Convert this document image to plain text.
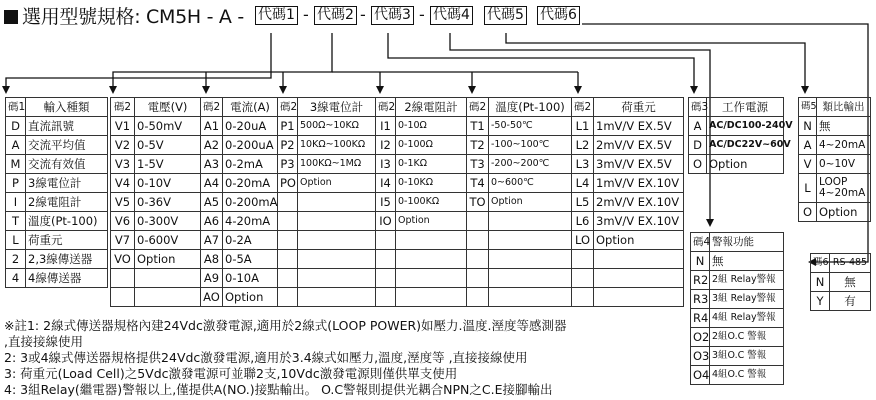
選用型號規格: CM5H - A - 代碼1 - 代碼2 - 代碼3 - 代碼4 代碼5 代碼6
碼1	輸入種類
D	直流訊號
A	交流平均值
M	交流有效值
P	3線電位計
I	2線電阻計
T	溫度(Pt-100)
L	荷重元
2	2,3線傳送器
4	4線傳送器
碼2	電壓(V)	碼2	電流(A)	碼2	3線電位計	碼2	2線電阻計	碼2	溫度(Pt-100)	碼2	荷重元
V1	0-50mV	A1	0-20uA	P1	500Ω~10KΩ	I1	0-10Ω	T1	-50-50℃	L1	1mV/V EX.5V
V2	0-5V	A2	0-200uA	P2	10KΩ~100KΩ	I2	0-100Ω	T2	-100~100℃	L2	2mV/V EX.5V
V3	1-5V	A3	0-2mA	P3	100KΩ~1MΩ	I3	0-1KΩ	T3	-200~200℃	L3	3mV/V EX.5V
V4	0-10V	A4	0-20mA	PO	Option	I4	0-10KΩ	T4	0~600℃	L4	1mV/V EX.10V
V5	0-36V	A5	0-200mA			I5	0-100KΩ	TO	Option	L5	2mV/V EX.10V
V6	0-300V	A6	4-20mA			IO	Option			L6	3mV/V EX.10V
V7	0-600V	A7	0-2A							LO	Option
VO	Option	A8	0-5A								
		A9	0-10A								
		AO	Option								
碼3	工作電源
A	AC/DC100-240V
D	AC/DC22V~60V
O	Option
碼5	類比輸出
N	無
A	4~20mA
V	0~10V
L	LOOP 4~20mA
O	Option
碼4	警報功能
N	無
R2	2組 Relay警報
R3	3組 Relay警報
R4	4組 Relay警報
O2	2組O.C 警報
O3	3組O.C 警報
O4	4組O.C 警報
碼6	RS-485
N	無
Y	有
※註1: 2線式傳送器規格內建24Vdc激發電源,適用於2線式(LOOP POWER)如壓力.溫度.溼度等感測器
,直接接線使用
2: 3或4線式傳送器規格提供24Vdc激發電源,適用於3.4線式如壓力,溫度,溼度等 ,直接接線使用
3: 荷重元(Load Cell)之5Vdc激發電源可並聯2支,10Vdc激發電源則僅供單支使用
4: 3組Relay(繼電器)警報以上,僅提供A(NO.)接點輸出。 O.C警報則提供光耦合NPN之C.E接腳輸出
